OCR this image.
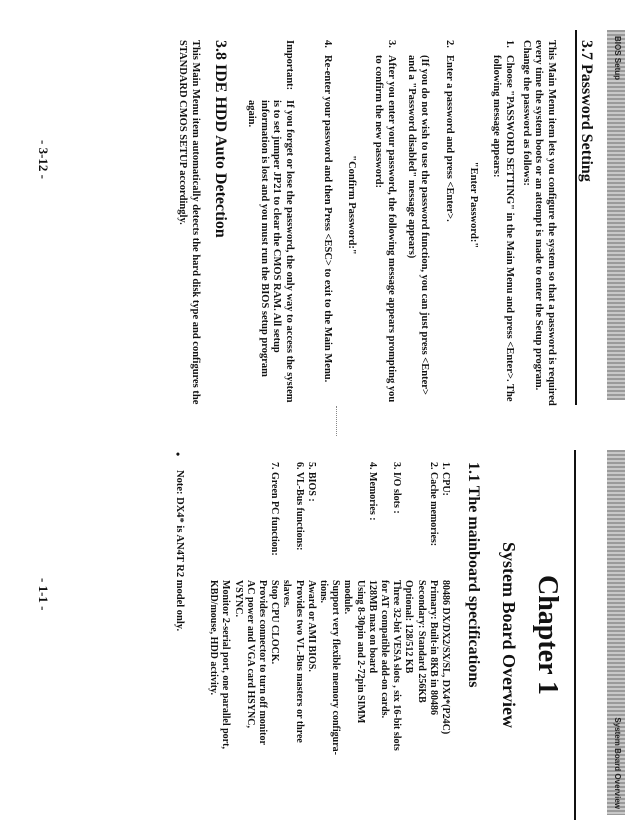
BIOS Setup
3.7 Password Setting
This Main Menu item lets you configure the system so that a password is required every time the system boots or an attempt is made to enter the Setup program. Change the password as follows:
1.
Choose "PASSWORD SETTING" in the Main Menu and press <Enter>. The following message appears:
"Enter Password:"
2.
Enter a password and press <Enter>.
(If you do not wish to use the password function, you can just press <Enter> and a "Password disabled" message appears)
3.
After you enter your password, the following message appears prompting you to confirm the new password:
"Confirm Password:"
4.
Re-enter your password and then Press <ESC> to exit to the Main Menu.
Important:
If you forget or lose the password, the only way to access the system is to set jumper JP21 to clear the CMOS RAM. All setup information is lost and you must run the BIOS setup program again.
3.8 IDE HDD Auto Detection
This Main Menu item automatically detects the hard disk type and configures the STANDARD CMOS SETUP accordingly.
- 3-12 -
System Board Overview
Chapter 1
System Board Overview
1.1 The mainboard specifications
1. CPU:
80486 DX/DX2/SX/SL, DX4*(P24C)
2. Cache memories:
Primary: Built-in 8KB in 80486
Secondary: Standard 256KB
Optional: 128/512 KB
3. I/O slots :
Three 32-bit VESA slots , six 16-bit slots
for AT compatible add-on cards.
4. Memories :
128MB max on board
Using 8-30pin and 2-72pin SIMM
module.
Support very flexible memory configura-
tions.
5. BIOS :
Award or AMI BIOS.
6. VL-Bus functions:
Provides two VL-Bus masters or three
slaves.
7. Green PC function:
Stop CPU CLOCK.
Provides connector to turn off monitor
AC power and VGA card HSYNC,
VSYNC.
Monitor 2-serial port, one parallel port,
KBD/mouse, HDD activity.
•
Note: DX4* is AN4T R2 model only.
- 1-1 -
